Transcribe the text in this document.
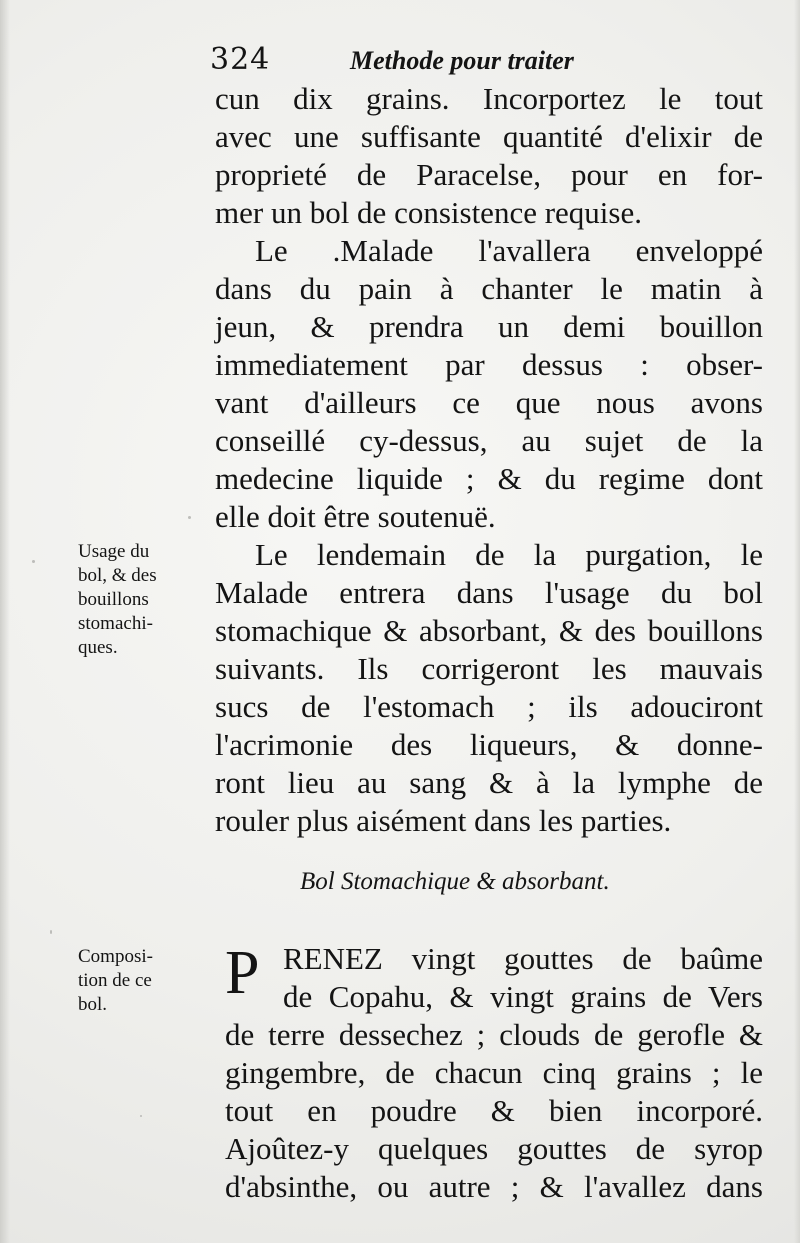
324	Methode pour traiter
cun dix grains. Incorportez le tout
avec une suffisante quantité d'elixir de
proprieté de Paracelse, pour en for-
mer un bol de consistence requise.
Le .Malade l'avallera enveloppé
dans du pain à chanter le matin à
jeun, & prendra un demi bouillon
immediatement par dessus : obser-
vant d'ailleurs ce que nous avons
conseillé cy-dessus, au sujet de la
medecine liquide ; & du regime dont
elle doit être soutenuë.
Usage du
bol, & des
bouillons
stomachi-
ques.
Le lendemain de la purgation, le
Malade entrera dans l'usage du bol
stomachique & absorbant, & des bouillons
suivants. Ils corrigeront les mauvais
sucs de l'estomach ; ils adouciront
l'acrimonie des liqueurs, & donne-
ront lieu au sang & à la lymphe de
rouler plus aisément dans les parties.
Bol Stomachique & absorbant.
Composi-
tion de ce
bol.	P RENEZ vingt gouttes de baûme
de Copahu, & vingt grains de Vers
de terre dessechez ; clouds de gerofle &
gingembre, de chacun cinq grains ; le
tout en poudre & bien incorporé.
Ajoûtez-y quelques gouttes de syrop
d'absinthe, ou autre ; & l'avallez dans
